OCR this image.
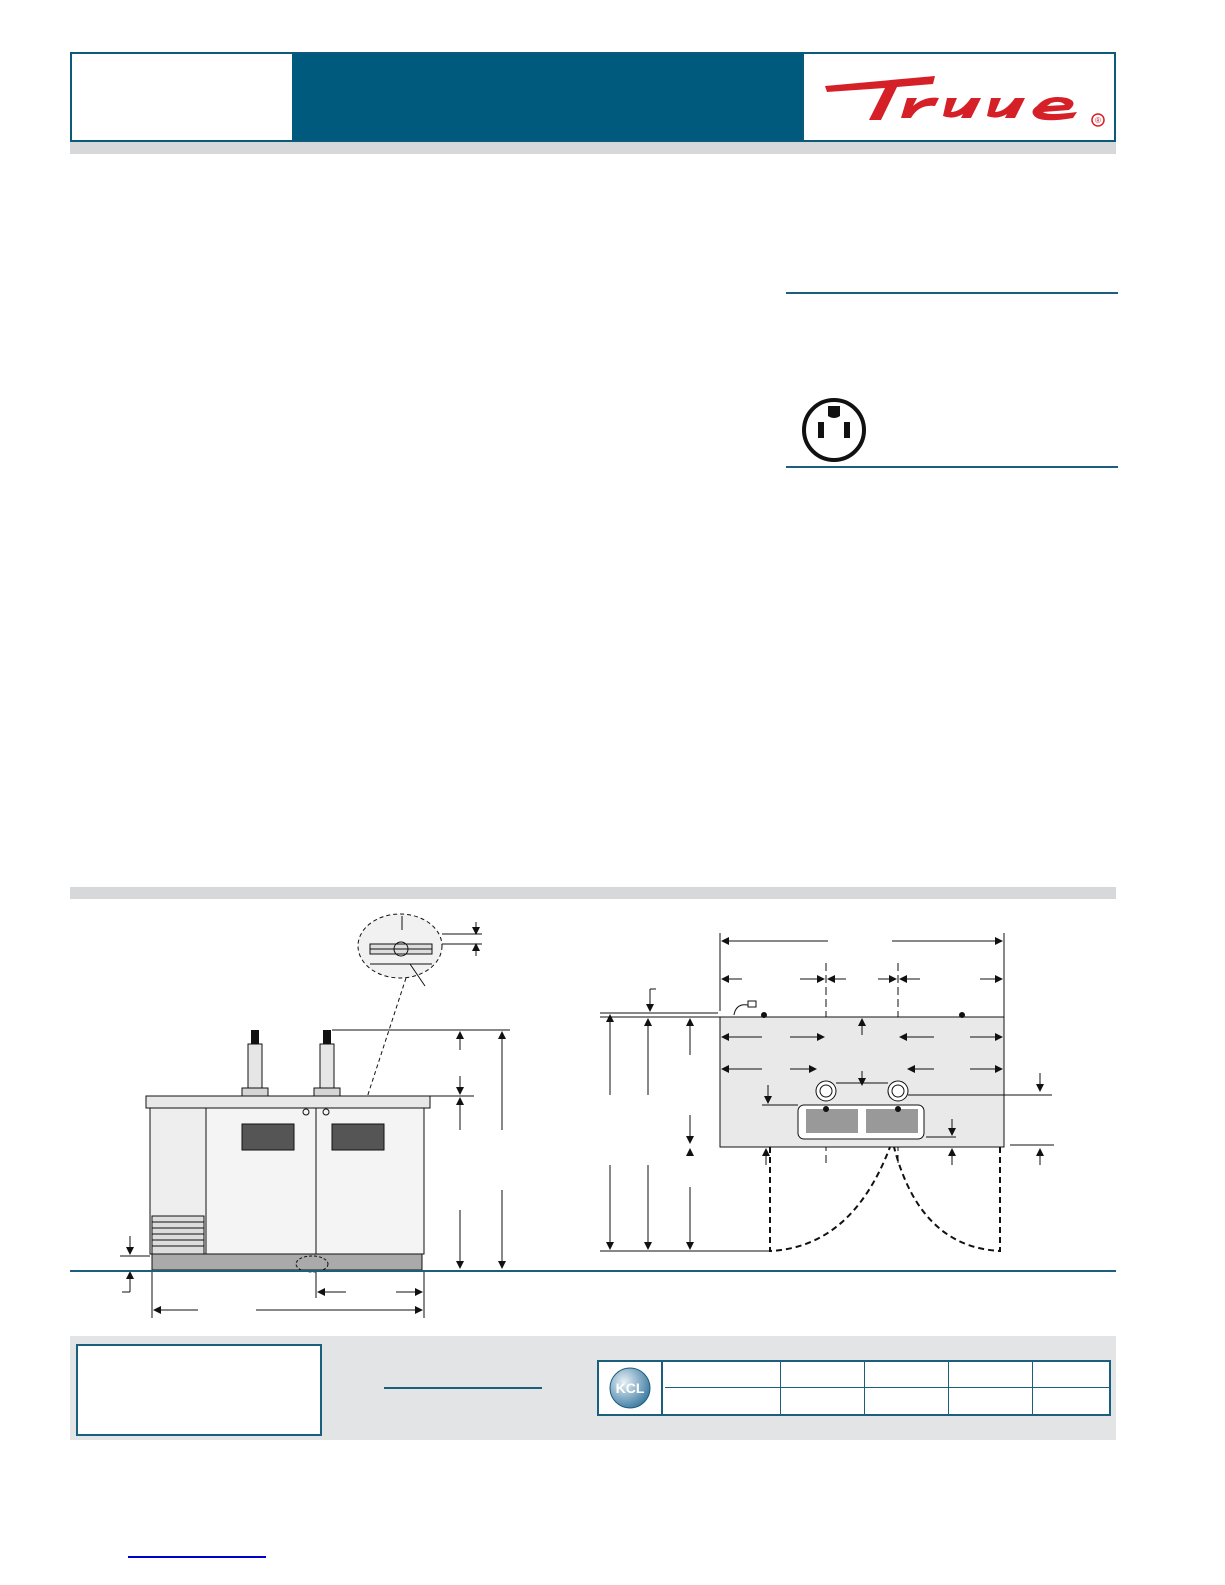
®
KCL
